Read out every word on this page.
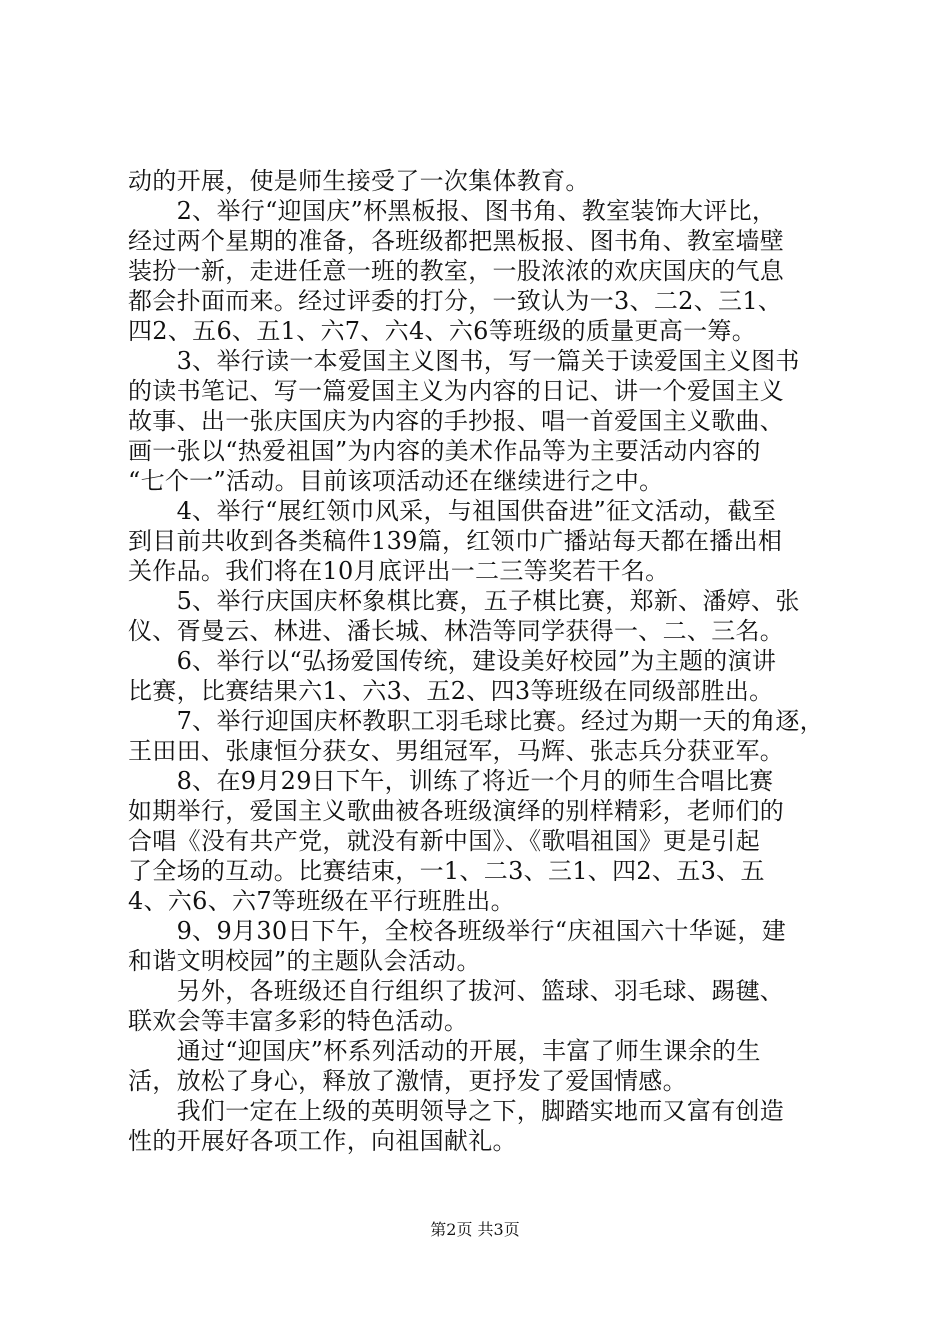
动的开展，使是师生接受了一次集体教育。
　　2、举行“迎国庆”杯黑板报、图书角、教室装饰大评比，
经过两个星期的准备，各班级都把黑板报、图书角、教室墙壁
装扮一新，走进任意一班的教室，一股浓浓的欢庆国庆的气息
都会扑面而来。经过评委的打分，一致认为一3、二2、三1、
四2、五6、五1、六7、六4、六6等班级的质量更高一筹。
　　3、举行读一本爱国主义图书，写一篇关于读爱国主义图书
的读书笔记、写一篇爱国主义为内容的日记、讲一个爱国主义
故事、出一张庆国庆为内容的手抄报、唱一首爱国主义歌曲、
画一张以“热爱祖国”为内容的美术作品等为主要活动内容的
“七个一”活动。目前该项活动还在继续进行之中。
　　4、举行“展红领巾风采，与祖国供奋进”征文活动，截至
到目前共收到各类稿件139篇，红领巾广播站每天都在播出相
关作品。我们将在10月底评出一二三等奖若干名。
　　5、举行庆国庆杯象棋比赛，五子棋比赛，郑新、潘婷、张
仪、胥曼云、林进、潘长城、林浩等同学获得一、二、三名。
　　6、举行以“弘扬爱国传统，建设美好校园”为主题的演讲
比赛，比赛结果六1、六3、五2、四3等班级在同级部胜出。
　　7、举行迎国庆杯教职工羽毛球比赛。经过为期一天的角逐，
王田田、张康恒分获女、男组冠军，马辉、张志兵分获亚军。
　　8、在9月29日下午，训练了将近一个月的师生合唱比赛
如期举行，爱国主义歌曲被各班级演绎的别样精彩，老师们的
合唱《没有共产党，就没有新中国》、《歌唱祖国》更是引起
了全场的互动。比赛结束，一1、二3、三1、四2、五3、五
4、六6、六7等班级在平行班胜出。
　　9、9月30日下午，全校各班级举行“庆祖国六十华诞，建
和谐文明校园”的主题队会活动。
　　另外，各班级还自行组织了拔河、篮球、羽毛球、踢毽、
联欢会等丰富多彩的特色活动。
　　通过“迎国庆”杯系列活动的开展，丰富了师生课余的生
活，放松了身心，释放了激情，更抒发了爱国情感。
　　我们一定在上级的英明领导之下，脚踏实地而又富有创造
性的开展好各项工作，向祖国献礼。
第2页 共3页
